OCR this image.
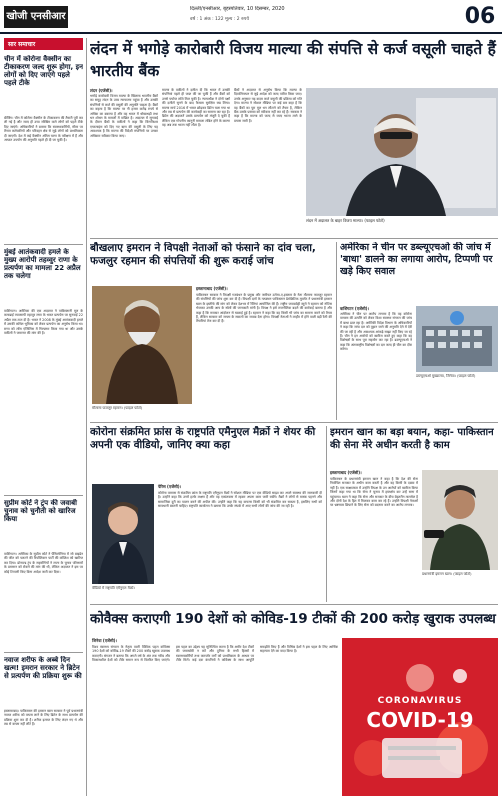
खोजी एनसीआर
दिल्ली/एनसीआर, बृहस्पतिवार, 10 दिसम्बर, 2020
वर्ष : 1 अंक : 122 मूल्य : 2 रुपये	06
सार समाचार
चीन में कोरोना वैक्सीन का टीकाकरण जल्द शुरू होगा, इन लोगों को दिए जाएंगे पहले पहले टीके
बीजिंग। चीन में कोरोना वैक्सीन के टीकाकरण की तैयारी पूरी कर ली गई है और जल्द ही उच्च जोखिम वाले लोगों को पहले टीके दिए जाएंगे। अधिकारियों ने बताया कि स्वास्थ्यकर्मियों, सीमा पर तैनात कर्मचारियों और परिवहन क्षेत्र से जुड़े लोगों को प्राथमिकता दी जाएगी। देश में कई वैक्सीन अंतिम चरण के परीक्षण में हैं और आपात उपयोग की अनुमति पहले ही दी जा चुकी है।
मुंबई आतंकवादी हमले के मुख्य आरोपी तहव्वुर राणा के प्रत्यर्पण का मामला 22 अप्रैल तक चलेगा
वाशिंगटन। अमेरिका की एक अदालत ने पाकिस्तानी मूल के कनाडाई व्यवसायी तहव्वुर राणा के भारत प्रत्यर्पण पर सुनवाई 22 अप्रैल तक टाल दी है। भारत ने 2008 के मुंबई आतंकवादी हमले में उसकी कथित भूमिका को लेकर प्रत्यर्पण का अनुरोध किया था। राणा को लॉस एंजिलिस में गिरफ्तार किया गया था और उसके वकीलों ने जमानत की मांग की है।
सुप्रीम कोर्ट ने ट्रंप की जवाबी चुनाव को चुनौती को खारिज किया
वाशिंगटन। अमेरिका के सुप्रीम कोर्ट ने पेंसिल्वेनिया में जो बाइडेन की जीत को पलटने की रिपब्लिकन पार्टी की कोशिश को खारिज कर दिया। डोनाल्ड ट्रंप के सहयोगियों ने राज्य के चुनाव परिणामों के प्रमाणन को रोकने की मांग की थी, लेकिन अदालत ने इस पर कोई टिप्पणी किए बिना आदेश जारी कर दिया।
नवाज शरीफ के अब्बे दिन खत्म! इमरान सरकार ने ब्रिटेन से प्रत्यर्पण की प्रक्रिया शुरू की
इस्लामाबाद। पाकिस्तान की इमरान खान सरकार ने पूर्व प्रधानमंत्री नवाज शरीफ को वापस लाने के लिए ब्रिटेन के साथ प्रत्यर्पण की प्रक्रिया शुरू कर दी है। शरीफ इलाज के लिए लंदन गए थे और तब से वापस नहीं लौटे हैं।
लंदन में भगोड़े कारोबारी विजय माल्या की संपत्ति से कर्ज वसूली चाहते हैं भारतीय बैंक
लंदन (एजेंसी)।
भगोड़े कारोबारी विजय माल्या के खिलाफ भारतीय बैंकों का समूह लंदन के उच्च न्यायालय पहुंचा है और उसकी संपत्तियों से कर्ज की वसूली की अनुमति चाहता है। बैंकों का कहना है कि माल्या पर नौ हजार करोड़ रुपये से अधिक का बकाया है और वह भारत में धोखाधड़ी तथा धन शोधन के मामलों में वांछित है। अदालत में सुनवाई के दौरान बैंकों के वकीलों ने कहा कि किंगफिशर एयरलाइंस को दिए गए ऋण की वसूली के लिए यह आवश्यक है कि माल्या की विदेशी संपत्तियों पर उनका अधिकार स्वीकार किया जाए।
माल्या के वकीलों ने दलील दी कि भारत में उसकी संपत्तियां पहले ही जब्त की जा चुकी हैं और बैंकों को उनसे पर्याप्त राशि मिल चुकी है। न्यायाधीश ने दोनों पक्षों की दलीलें सुनने के बाद फैसला सुरक्षित रख लिया। माल्या मार्च 2016 में भारत छोड़कर ब्रिटेन चला गया था और तब से प्रत्यर्पण की कार्यवाही का सामना कर रहा है। ब्रिटेन की अदालतें उसके प्रत्यर्पण को मंजूरी दे चुकी हैं लेकिन एक गोपनीय कानूनी मामला लंबित होने के कारण वह अब तक भारत नहीं लौटा है।
बैंकों ने अदालत से अनुरोध किया कि माल्या के दिवालियापन से जुड़े आदेश को जल्द पारित किया जाए। उनके अनुसार यह कदम कर्ज वसूली की प्रक्रिया को गति देगा। माल्या ने सोशल मीडिया पर कई बार कहा है कि वह बैंकों का पूरा मूल धन लौटाने को तैयार है, लेकिन बैंक उसके प्रस्ताव को स्वीकार नहीं कर रहे हैं। सरकार ने कहा है कि माल्या को जल्द से जल्द भारत लाने के प्रयास जारी हैं।
लंदन में अदालत के बाहर विजय माल्या। (फाइल फोटो)
बौखलाए इमरान ने विपक्षी नेताओं को फंसाने का दांव चला, फजलुर रहमान की संपत्तियों की शुरू कराई जांच
मौलाना फजलुर रहमान। (फाइल फोटो)
इस्लामाबाद (एजेंसी)।
पाकिस्तान सरकार ने विपक्षी गठबंधन के प्रमुख और जमीयत उलेमा-ए-इस्लाम के नेता मौलाना फजलुर रहमान की संपत्तियों की जांच शुरू कर दी है। विपक्षी दलों के गठबंधन पाकिस्तान डेमोक्रेटिक मूवमेंट ने प्रधानमंत्री इमरान खान के इस्तीफे की मांग को लेकर देशभर में रैलियां आयोजित की हैं। राष्ट्रीय जवाबदेही ब्यूरो ने रहमान को नोटिस भेजकर उनकी आय के स्रोतों की जानकारी मांगी है। विपक्ष ने इसे राजनीतिक बदले की कार्रवाई बताया है और कहा है कि सरकार आंदोलन से घबराई हुई है। रहमान ने कहा कि वह किसी भी जांच का सामना करने को तैयार हैं, लेकिन सरकार को जनता के सवालों का जवाब देना होगा। विपक्षी नेताओं ने लाहौर में होने वाली बड़ी रैली की तैयारियां तेज कर दी हैं।
अमेरिका ने चीन पर डब्ल्यूएचओ की जांच में 'बाधा' डालने का लगाया आरोप, टिप्पणी पर खड़े किए सवाल
वाशिंगटन (एजेंसी)।
अमेरिका ने चीन पर आरोप लगाया है कि वह कोरोना वायरस की उत्पत्ति को लेकर विश्व स्वास्थ्य संगठन की जांच में बाधा डाल रहा है। अमेरिकी विदेश विभाग के अधिकारियों ने कहा कि जांच दल को वुहान जाने की अनुमति देने में देरी की जा रही है और आवश्यक आंकड़े साझा नहीं किए जा रहे हैं। चीन ने इन आरोपों को खारिज करते हुए कहा कि वह विशेषज्ञों के साथ पूरा सहयोग कर रहा है। डब्ल्यूएचओ ने कहा कि अंतरराष्ट्रीय विशेषज्ञों का दल जल्द ही चीन का दौरा करेगा।
डब्ल्यूएचओ मुख्यालय, जिनेवा। (फाइल फोटो)
कोरोना संक्रमित फ्रांस के राष्ट्रपति एमैनुएल मैक्रों ने शेयर की अपनी एक वीडियो, जानिए क्या कहा
वीडियो में राष्ट्रपति एमैनुएल मैक्रों।
पेरिस (एजेंसी)।
कोरोना वायरस से संक्रमित फ्रांस के राष्ट्रपति एमैनुएल मैक्रों ने सोशल मीडिया पर एक वीडियो साझा कर अपने स्वास्थ्य की जानकारी दी है। उन्होंने कहा कि उनमें हल्के लक्षण हैं और वह एकांतवास में रहकर अपना काम जारी रखेंगे। मैक्रों ने लोगों से मास्क पहनने और सामाजिक दूरी का पालन करने की अपील की। उन्होंने कहा कि यह वायरस किसी को भी संक्रमित कर सकता है, इसलिए सभी को सावधानी बरतनी चाहिए। राष्ट्रपति कार्यालय ने बताया कि उनके संपर्क में आए सभी लोगों की जांच की जा रही है।
इमरान खान का बड़ा बयान, कहा- पाकिस्तान की सेना मेरे अधीन करती है काम
इस्लामाबाद (एजेंसी)।
पाकिस्तान के प्रधानमंत्री इमरान खान ने कहा है कि देश की सेना निर्वाचित सरकार के अधीन काम करती है और वह किसी के दबाव में नहीं हैं। एक साक्षात्कार में उन्होंने विपक्ष के उन आरोपों को खारिज किया जिनमें कहा गया था कि सेना ने चुनाव में हस्तक्षेप कर उन्हें सत्ता में पहुंचाया। खान ने कहा कि सेना और सरकार के बीच बेहतरीन तालमेल है और दोनों देश के हित में मिलकर काम कर रहे हैं। उन्होंने विपक्षी नेताओं पर भ्रष्टाचार छिपाने के लिए सेना को बदनाम करने का आरोप लगाया।
प्रधानमंत्री इमरान खान। (फाइल फोटो)
कोवैक्स कराएगी 190 देशों को कोविड-19 टीकों की 200 करोड़ खुराक उपलब्ध
जिनेवा (एजेंसी)।
विश्व स्वास्थ्य संगठन के नेतृत्व वाली वैश्विक पहल कोवैक्स 190 देशों को कोविड-19 टीकों की 200 करोड़ खुराक उपलब्ध कराएगी। संगठन ने बताया कि अगले वर्ष के अंत तक गरीब और विकासशील देशों को टीके समान रूप से वितरित किए जाएंगे। इस पहल का उद्देश्य यह सुनिश्चित करना है कि अमीर देश टीकों की जमाखोरी न करें और दुनिया के सभी हिस्सों में स्वास्थ्यकर्मियों तथा कमजोर वर्गों को प्राथमिकता के आधार पर टीके मिलें। कई दवा कंपनियों ने कोवैक्स के साथ आपूर्ति समझौते किए हैं और विभिन्न देशों ने इस पहल के लिए आर्थिक सहायता देने का वादा किया है।
CORONAVIRUS
COVID-19
